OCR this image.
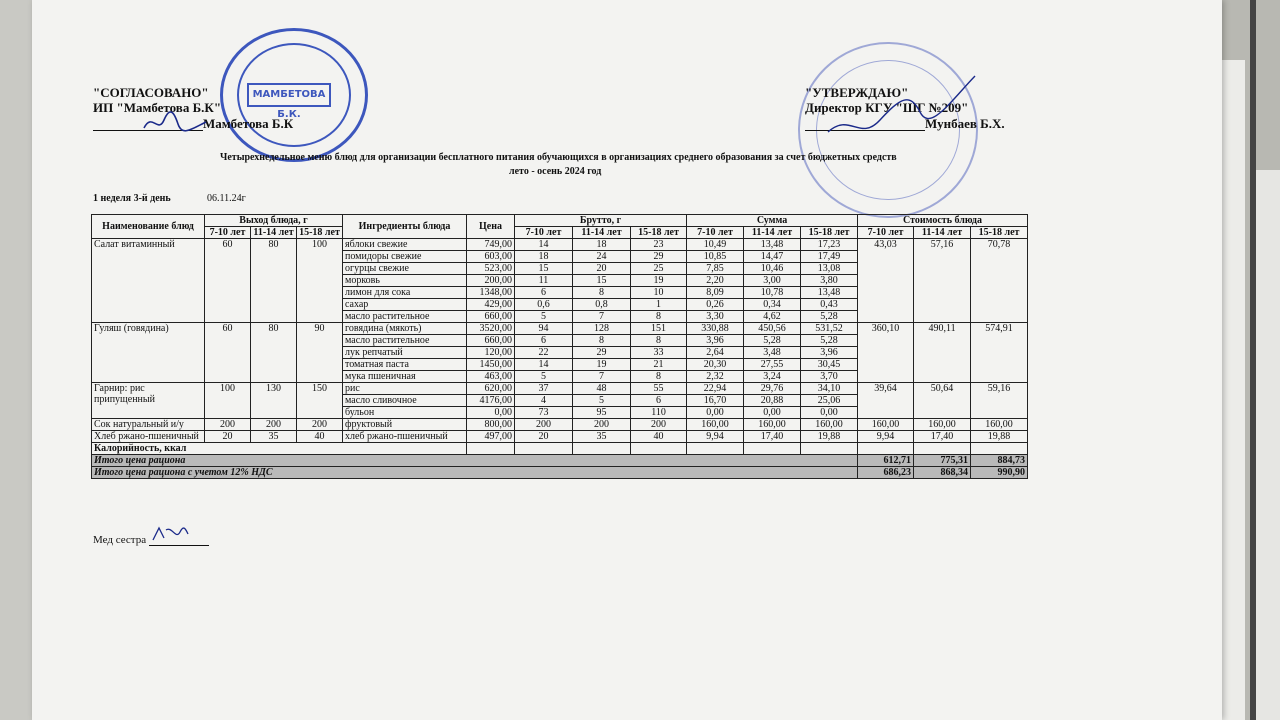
МАМБЕТОВА Б.К.
"СОГЛАСОВАНО"
ИП "Мамбетова Б.К"
Мамбетова Б.К
"УТВЕРЖДАЮ"
Директор КГУ "ШГ №209"
Мунбаев Б.Х.
Четырехнедельное меню блюд для организации бесплатного питания обучающихся в организациях среднего образования за счет бюджетных средств
лето - осень 2024 год
1 неделя 3-й день	06.11.24г
Наименование блюд	Выход блюда, г			Ингредиенты блюда	Цена	Брутто, г			Сумма			Стоимость блюда		
	7-10 лет	11-14 лет	15-18 лет			7-10 лет	11-14 лет	15-18 лет	7-10 лет	11-14 лет	15-18 лет	7-10 лет	11-14 лет	15-18 лет
Салат витаминный	60	80	100	яблоки свежие	749,00	14	18	23	10,49	13,48	17,23	43,03	57,16	70,78
				помидоры свежие	603,00	18	24	29	10,85	14,47	17,49			
				огурцы свежие	523,00	15	20	25	7,85	10,46	13,08			
				морковь	200,00	11	15	19	2,20	3,00	3,80			
				лимон для сока	1348,00	6	8	10	8,09	10,78	13,48			
				сахар	429,00	0,6	0,8	1	0,26	0,34	0,43			
				масло растительное	660,00	5	7	8	3,30	4,62	5,28			
Гуляш (говядина)	60	80	90	говядина (мякоть)	3520,00	94	128	151	330,88	450,56	531,52	360,10	490,11	574,91
				масло растительное	660,00	6	8	8	3,96	5,28	5,28			
				лук репчатый	120,00	22	29	33	2,64	3,48	3,96			
				томатная паста	1450,00	14	19	21	20,30	27,55	30,45			
				мука пшеничная	463,00	5	7	8	2,32	3,24	3,70			
Гарнир: рис припущенный	100	130	150	рис	620,00	37	48	55	22,94	29,76	34,10	39,64	50,64	59,16
				масло сливочное	4176,00	4	5	6	16,70	20,88	25,06			
				бульон	0,00	73	95	110	0,00	0,00	0,00			
Сок натуральный и/у	200	200	200	фруктовый	800,00	200	200	200	160,00	160,00	160,00	160,00	160,00	160,00
Хлеб ржано-пшеничный	20	35	40	хлеб ржано-пшеничный	497,00	20	35	40	9,94	17,40	19,88	9,94	17,40	19,88
Калорийность, ккал														
Итого цена рациона												612,71	775,31	884,73
Итого цена рациона с учетом 12% НДС												686,23	868,34	990,90
Мед сестра
